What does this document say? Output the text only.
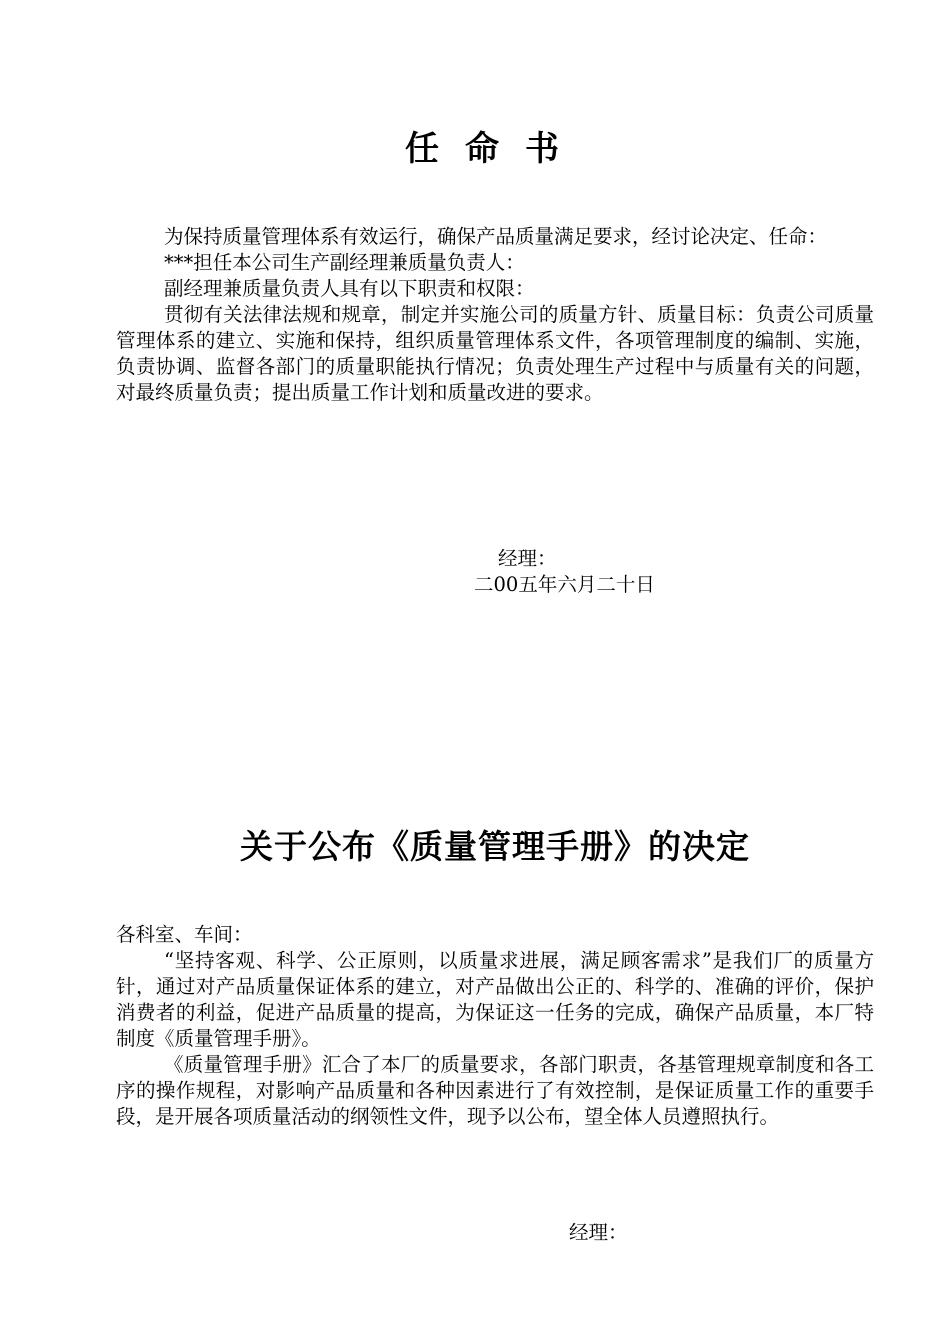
任命书

为保持质量管理体系有效运行，确保产品质量满足要求，经讨论决定、任命：

***担任本公司生产副经理兼质量负责人：

副经理兼质量负责人具有以下职责和权限：

贯彻有关法律法规和规章，制定并实施公司的质量方针、质量目标：负责公司质量管理体系的建立、实施和保持，组织质量管理体系文件，各项管理制度的编制、实施，负责协调、监督各部门的质量职能执行情况；负责处理生产过程中与质量有关的问题，对最终质量负责；提出质量工作计划和质量改进的要求。

经理：
二00五年六月二十日
关于公布《质量管理手册》的决定

各科室、车间：

“坚持客观、科学、公正原则，以质量求进展，满足顾客需求”是我们厂的质量方针，通过对产品质量保证体系的建立，对产品做出公正的、科学的、准确的评价，保护消费者的利益，促进产品质量的提高，为保证这一任务的完成，确保产品质量，本厂特制度《质量管理手册》。

《质量管理手册》汇合了本厂的质量要求，各部门职责，各基管理规章制度和各工序的操作规程，对影响产品质量和各种因素进行了有效控制，是保证质量工作的重要手段，是开展各项质量活动的纲领性文件，现予以公布，望全体人员遵照执行。

经理：
